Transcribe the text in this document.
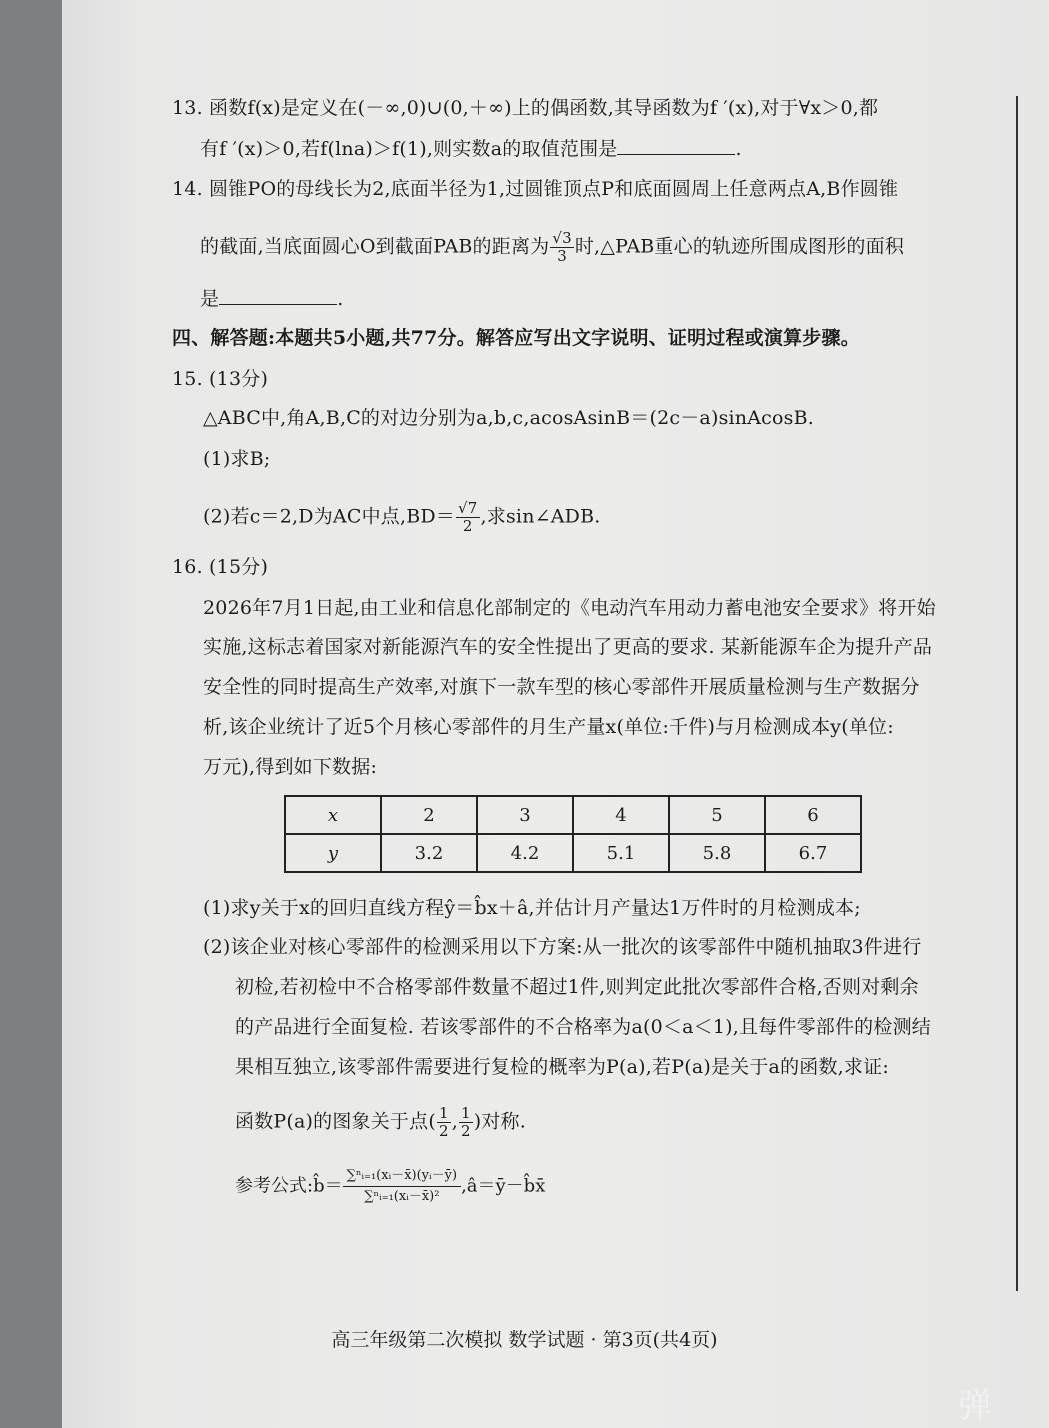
13. 函数f(x)是定义在(－∞,0)∪(0,＋∞)上的偶函数,其导函数为f ′(x),对于∀x＞0,都
有f ′(x)＞0,若f(lna)＞f(1),则实数a的取值范围是	.
14. 圆锥PO的母线长为2,底面半径为1,过圆锥顶点P和底面圆周上任意两点A,B作圆锥
的截面,当底面圆心O到截面PAB的距离为 $\frac{√3}{3}$ 时,△PAB重心的轨迹所围成图形的面积
是	.
四、解答题:本题共5小题,共77分。解答应写出文字说明、证明过程或演算步骤。
15. (13分)
△ABC中,角A,B,C的对边分别为a,b,c,acosAsinB＝(2c－a)sinAcosB.
(1)求B;
(2)若c＝2,D为AC中点$,BD= \frac{√7}{2}$ ,求sin∠ADB.
16. (15分)
2026年7月1日起,由工业和信息化部制定的《电动汽车用动力蓄电池安全要求》将开始
实施,这标志着国家对新能源汽车的安全性提出了更高的要求. 某新能源车企为提升产品
安全性的同时提高生产效率,对旗下一款车型的核心零部件开展质量检测与生产数据分
析,该企业统计了近5个月核心零部件的月生产量x(单位:千件)与月检测成本y(单位:
万元),得到如下数据:
x	2	3	4	5	6
y	3.2	4.2	5.1	5.8	6.7
(1)求y关于x的回归直线方程ŷ＝b̂x＋â,并估计月产量达1万件时的月检测成本;
(2)该企业对核心零部件的检测采用以下方案:从一批次的该零部件中随机抽取3件进行
初检,若初检中不合格零部件数量不超过1件,则判定此批次零部件合格,否则对剩余
的产品进行全面复检. 若该零部件的不合格率为a(0＜a＜1),且每件零部件的检测结
果相互独立,该零部件需要进行复检的概率为P(a),若P(a)是关于a的函数,求证:
函数P(a)的图象关于点( $\frac{1}{2}$ , $\frac{1}{2}$ )对称.
参考公式:b̂＝ $\frac{\text{∑ⁿᵢ₌₁(xᵢ－x̄)(yᵢ－ȳ)}}{\text{∑ⁿᵢ₌₁(xᵢ－x̄)²}}$ ,â＝ȳ－b̂x̄
高三年级第二次模拟 数学试题 · 第3页(共4页)
弹
